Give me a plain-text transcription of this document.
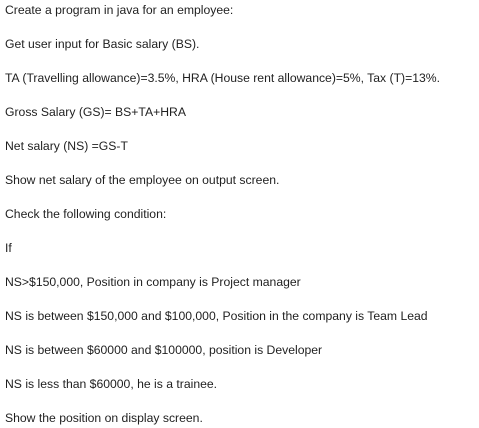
Create a program in java for an employee:
Get user input for Basic salary (BS).
TA (Travelling allowance)=3.5%, HRA (House rent allowance)=5%, Tax (T)=13%.
Gross Salary (GS)= BS+TA+HRA
Net salary (NS) =GS-T
Show net salary of the employee on output screen.
Check the following condition:
If
NS>$150,000, Position in company is Project manager
NS is between $150,000 and $100,000, Position in the company is Team Lead
NS is between $60000 and $100000, position is Developer
NS is less than $60000, he is a trainee.
Show the position on display screen.
